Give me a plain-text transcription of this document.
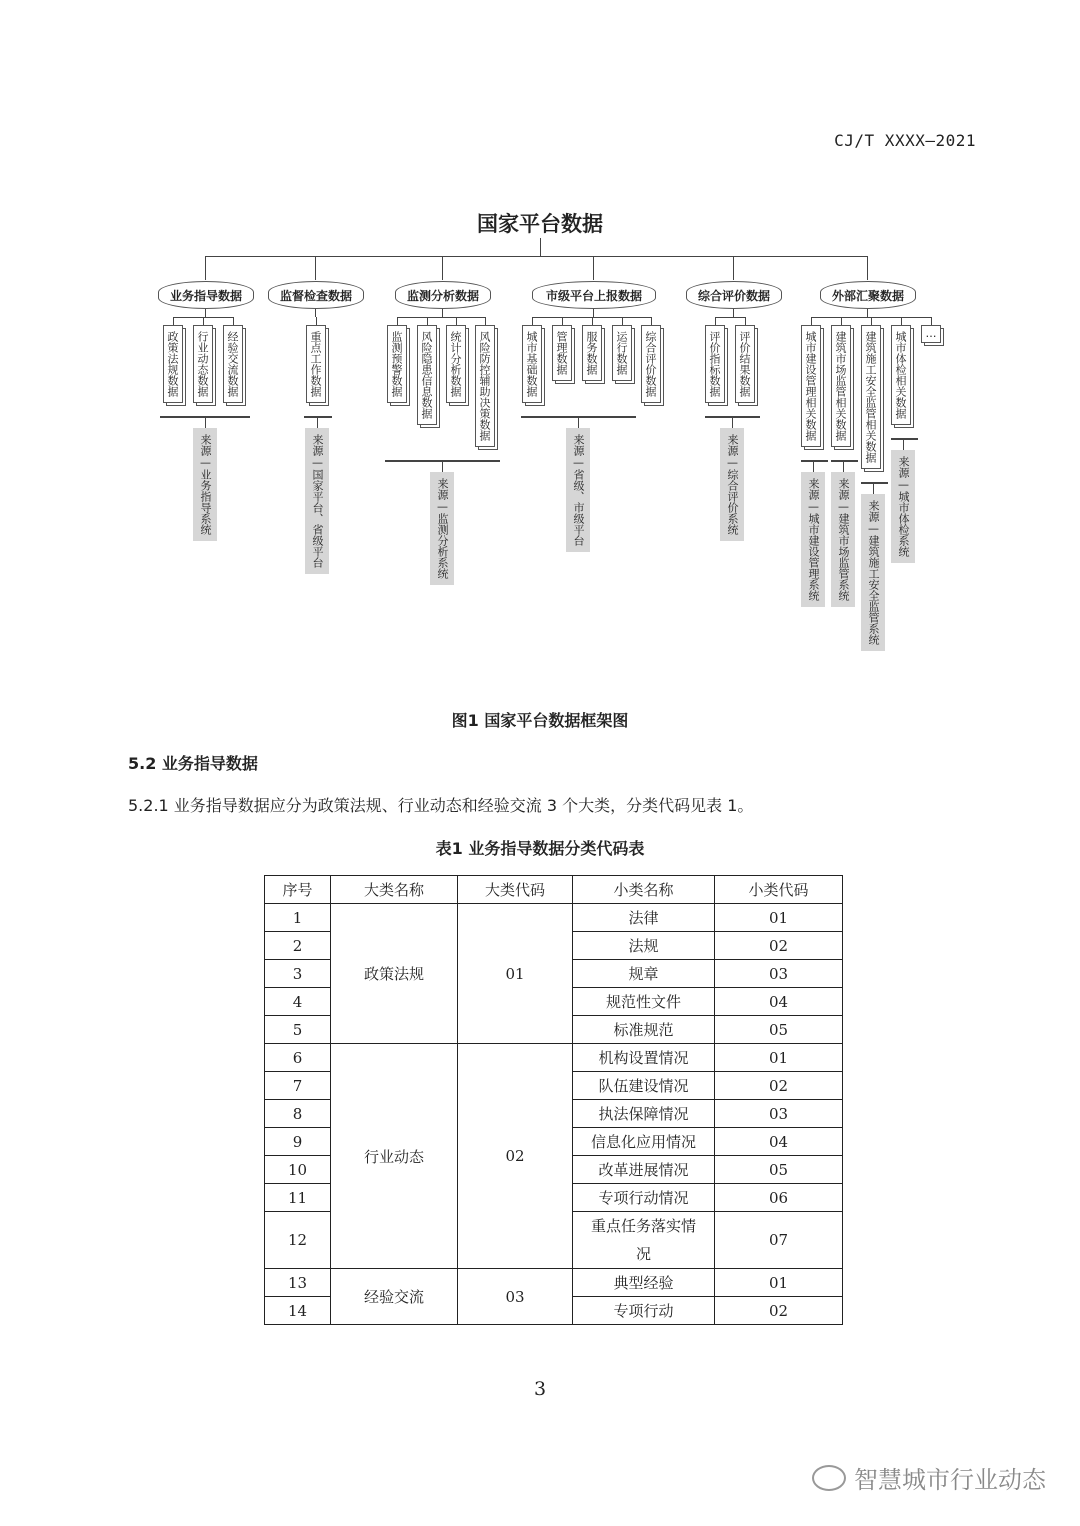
CJ/T XXXX—2021
国家平台数据
业务指导数据
政策法规数据	行业动态数据	经验交流数据
来源—业务指导系统
监督检查数据
重点工作数据
来源—国家平台、省级平台
监测分析数据
监测预警数据	风险隐患信息数据	统计分析数据	风险防控辅助决策数据
来源—监测分析系统
市级平台上报数据
城市基础数据	管理数据	服务数据	运行数据	综合评价数据
来源—省级、市级平台
综合评价数据
评价指标数据	评价结果数据
来源—综合评价系统
外部汇聚数据
城市建设管理相关数据	建筑市场监管相关数据	建筑施工安全监管相关数据	城市体检相关数据	…
来源—城市建设管理系统	来源—建筑市场监管系统	来源—建筑施工安全监管系统	来源—城市体检系统
图1 国家平台数据框架图
5.2 业务指导数据
5.2.1 业务指导数据应分为政策法规、行业动态和经验交流 3 个大类，分类代码见表 1。
表1 业务指导数据分类代码表
序号	大类名称	大类代码	小类名称	小类代码
1	政策法规	01	法律	01
2			法规	02
3			规章	03
4			规范性文件	04
5			标准规范	05
6	行业动态	02	机构设置情况	01
7			队伍建设情况	02
8			执法保障情况	03
9			信息化应用情况	04
10			改革进展情况	05
11			专项行动情况	06
12			重点任务落实情况	07
13	经验交流	03	典型经验	01
14			专项行动	02
3
智慧城市行业动态
